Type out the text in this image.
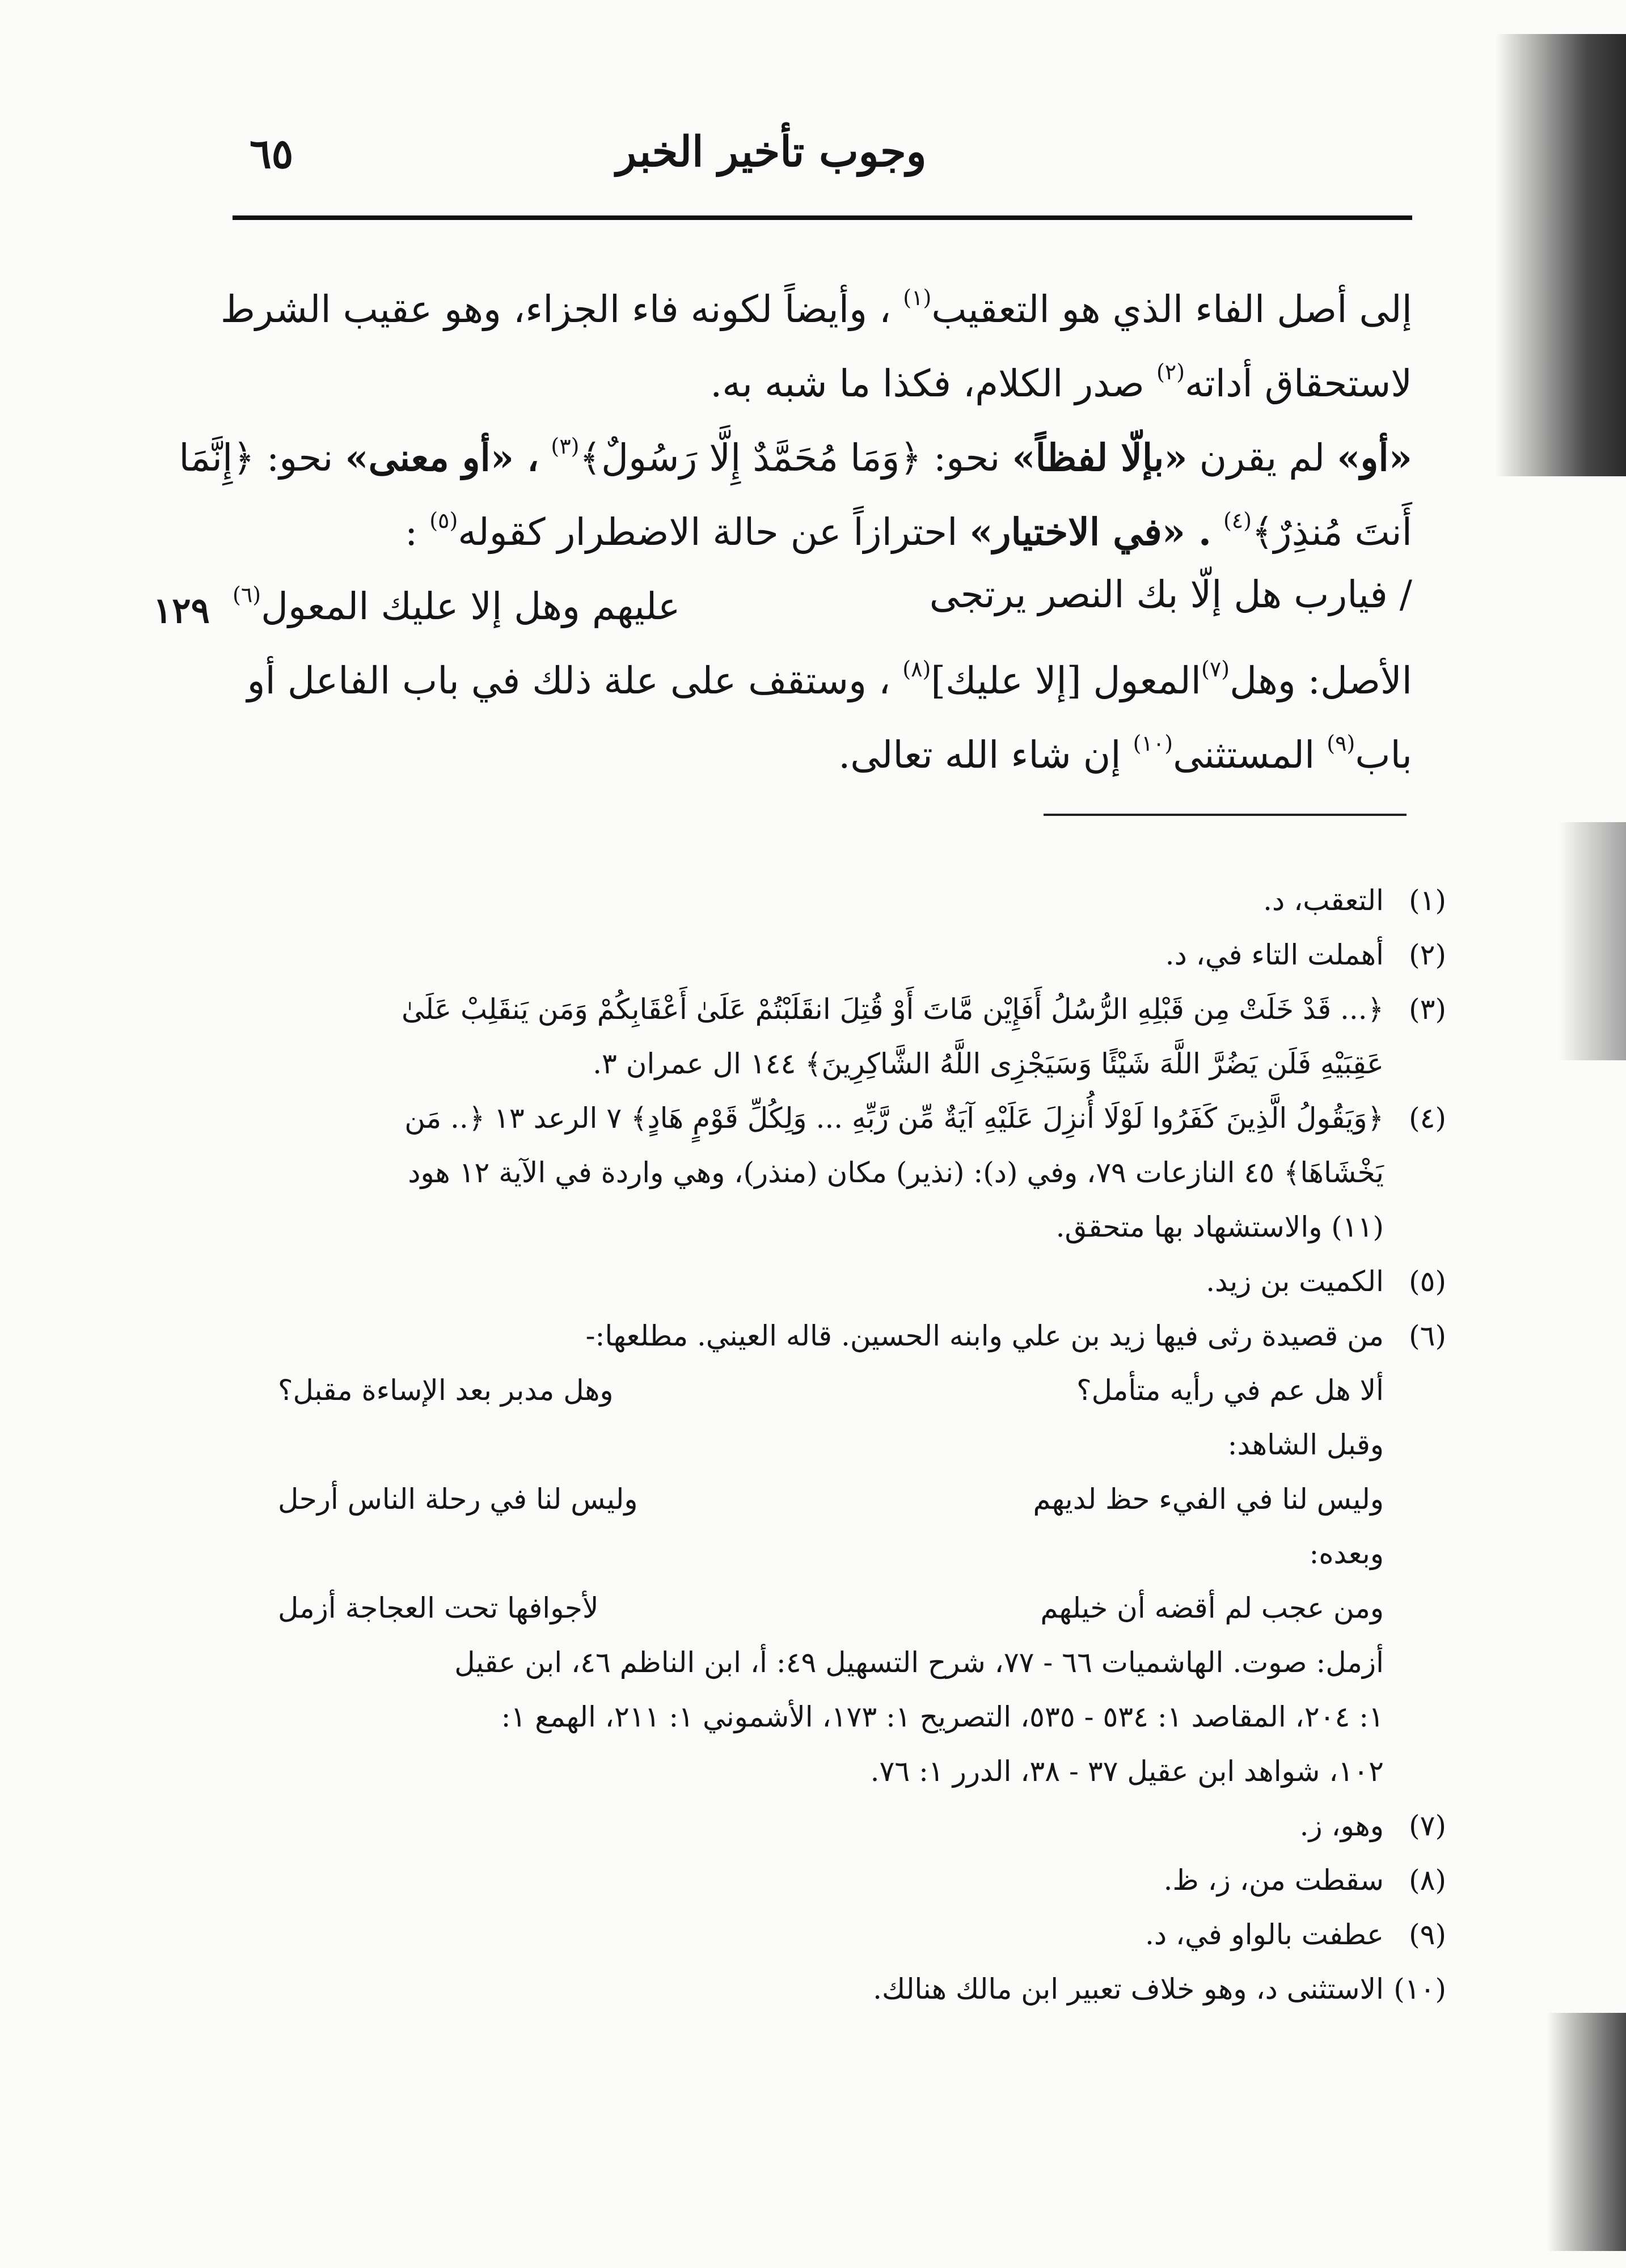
وجوب تأخير الخبر
٦٥
١٢٩
إلى أصل الفاء الذي هو التعقيب$^{(١)}$ ، وأيضاً لكونه فاء الجزاء، وهو عقيب الشرط
لاستحقاق أداته$^{(٢)}$ صدر الكلام، فكذا ما شبه به.
«أو» لم يقرن «بإلّا لفظاً» نحو: ﴿وَمَا مُحَمَّدٌ إِلَّا رَسُولٌ﴾$^{(٣)}$ ، «أو معنى» نحو: ﴿إِنَّمَا
أَنتَ مُنذِرٌ﴾$^{(٤)}$ . «في الاختيار» احترازاً عن حالة الاضطرار كقوله$^{(٥)}$ :
/ فيارب هل إلّا بك النصر يرتجى
عليهم وهل إلا عليك المعول(٦)
الأصل: وهل$^{(٧)}$المعول [إلا عليك]$^{(٨)}$ ، وستقف على علة ذلك في باب الفاعل أو
باب$^{(٩)}$ المستثنى$^{(١٠)}$ إن شاء الله تعالى.
(١)
التعقب، د.
(٢)
أهملت التاء في، د.
(٣)
﴿... قَدْ خَلَتْ مِن قَبْلِهِ الرُّسُلُ أَفَإِيْن مَّاتَ أَوْ قُتِلَ انقَلَبْتُمْ عَلَىٰ أَعْقَابِكُمْ وَمَن يَنقَلِبْ عَلَىٰ
عَقِبَيْهِ فَلَن يَضُرَّ اللَّهَ شَيْئًا وَسَيَجْزِى اللَّهُ الشَّاكِرِينَ﴾ ١٤٤ ال عمران ٣.
(٤)
﴿وَيَقُولُ الَّذِينَ كَفَرُوا لَوْلَا أُنزِلَ عَلَيْهِ آيَةٌ مِّن رَّبِّهِ ... وَلِكُلِّ قَوْمٍ هَادٍ﴾ ٧ الرعد ١٣ ﴿.. مَن
يَخْشَاهَا﴾ ٤٥ النازعات ٧٩، وفي (د): (نذير) مكان (منذر)، وهي واردة في الآية ١٢ هود
(١١) والاستشهاد بها متحقق.
(٥)
الكميت بن زيد.
(٦)
من قصيدة رثى فيها زيد بن علي وابنه الحسين. قاله العيني. مطلعها:-
ألا هل عم في رأيه متأمل؟
وهل مدبر بعد الإساءة مقبل؟
وقبل الشاهد:
وليس لنا في الفيء حظ لديهم
وليس لنا في رحلة الناس أرحل
وبعده:
ومن عجب لم أقضه أن خيلهم
لأجوافها تحت العجاجة أزمل
أزمل: صوت. الهاشميات ٦٦ - ٧٧، شرح التسهيل ٤٩: أ، ابن الناظم ٤٦، ابن عقيل
١: ٢٠٤، المقاصد ١: ٥٣٤ - ٥٣٥، التصريح ١: ١٧٣، الأشموني ١: ٢١١، الهمع ١:
١٠٢، شواهد ابن عقيل ٣٧ - ٣٨، الدرر ١: ٧٦.
(٧)
وهو، ز.
(٨)
سقطت من، ز، ظ.
(٩)
عطفت بالواو في، د.
(١٠)
الاستثنى د، وهو خلاف تعبير ابن مالك هنالك.
